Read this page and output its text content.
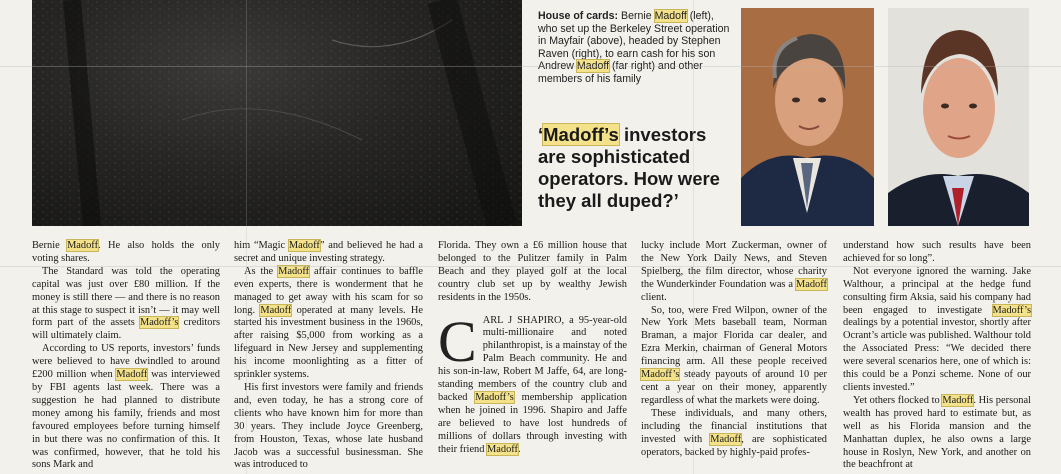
House of cards: Bernie Madoff (left), who set up the Berkeley Street operation in Mayfair (above), headed by Stephen Raven (right), to earn cash for his son Andrew Madoff (far right) and other members of his family
‘Madoff’s investors are sophisticated operators. How were they all duped?’

Bernie Madoff. He also holds the only voting shares.

The Standard was told the operating capital was just over £80 million. If the money is still there — and there is no reason at this stage to suspect it isn’t — it may well form part of the assets Madoff’s creditors will ultimately claim.

According to US reports, investors’ funds were believed to have dwindled to around £200 million when Madoff was interviewed by FBI agents last week. There was a suggestion he had planned to distribute money among his family, friends and most favoured employees before turning himself in but there was no confirmation of this. It was confirmed, however, that he told his sons Mark and

him “Magic Madoff” and believed he had a secret and unique investing strategy.

As the Madoff affair continues to baffle even experts, there is wonderment that he managed to get away with his scam for so long. Madoff operated at many levels. He started his investment business in the 1960s, after raising $5,000 from working as a lifeguard in New Jersey and supplementing his income moonlighting as a fitter of sprinkler systems.

His first investors were family and friends and, even today, he has a strong core of clients who have known him for more than 30 years. They include Joyce Greenberg, from Houston, Texas, whose late husband Jacob was a successful businessman. She was introduced to

Florida. They own a £6 million house that belonged to the Pulitzer family in Palm Beach and they played golf at the local country club set up by wealthy Jewish residents in the 1950s.

CARL J SHAPIRO, a 95-year-old multi-millionaire and noted philanthropist, is a mainstay of the Palm Beach community. He and his son-in-law, Robert M Jaffe, 64, are long-standing members of the country club and backed Madoff’s membership application when he joined in 1996. Shapiro and Jaffe are believed to have lost hundreds of millions of dollars through investing with their friend Madoff.

lucky include Mort Zuckerman, owner of the New York Daily News, and Steven Spielberg, the film director, whose charity the Wunderkinder Foundation was a Madoff client.

So, too, were Fred Wilpon, owner of the New York Mets baseball team, Norman Braman, a major Florida car dealer, and Ezra Merkin, chairman of General Motors financing arm. All these people received Madoff’s steady payouts of around 10 per cent a year on their money, apparently regardless of what the markets were doing.

These individuals, and many others, including the financial institutions that invested with Madoff, are sophisticated operators, backed by highly-paid profes-

understand how such results have been achieved for so long”.

Not everyone ignored the warning. Jake Walthour, a principal at the hedge fund consulting firm Aksia, said his company had been engaged to investigate Madoff’s dealings by a potential investor, shortly after Ocrant’s article was published. Walthour told the Associated Press: “We decided there were several scenarios here, one of which is: this could be a Ponzi scheme. None of our clients invested.”

Yet others flocked to Madoff. His personal wealth has proved hard to estimate but, as well as his Florida mansion and the Manhattan duplex, he also owns a large house in Roslyn, New York, and another on the beachfront at
